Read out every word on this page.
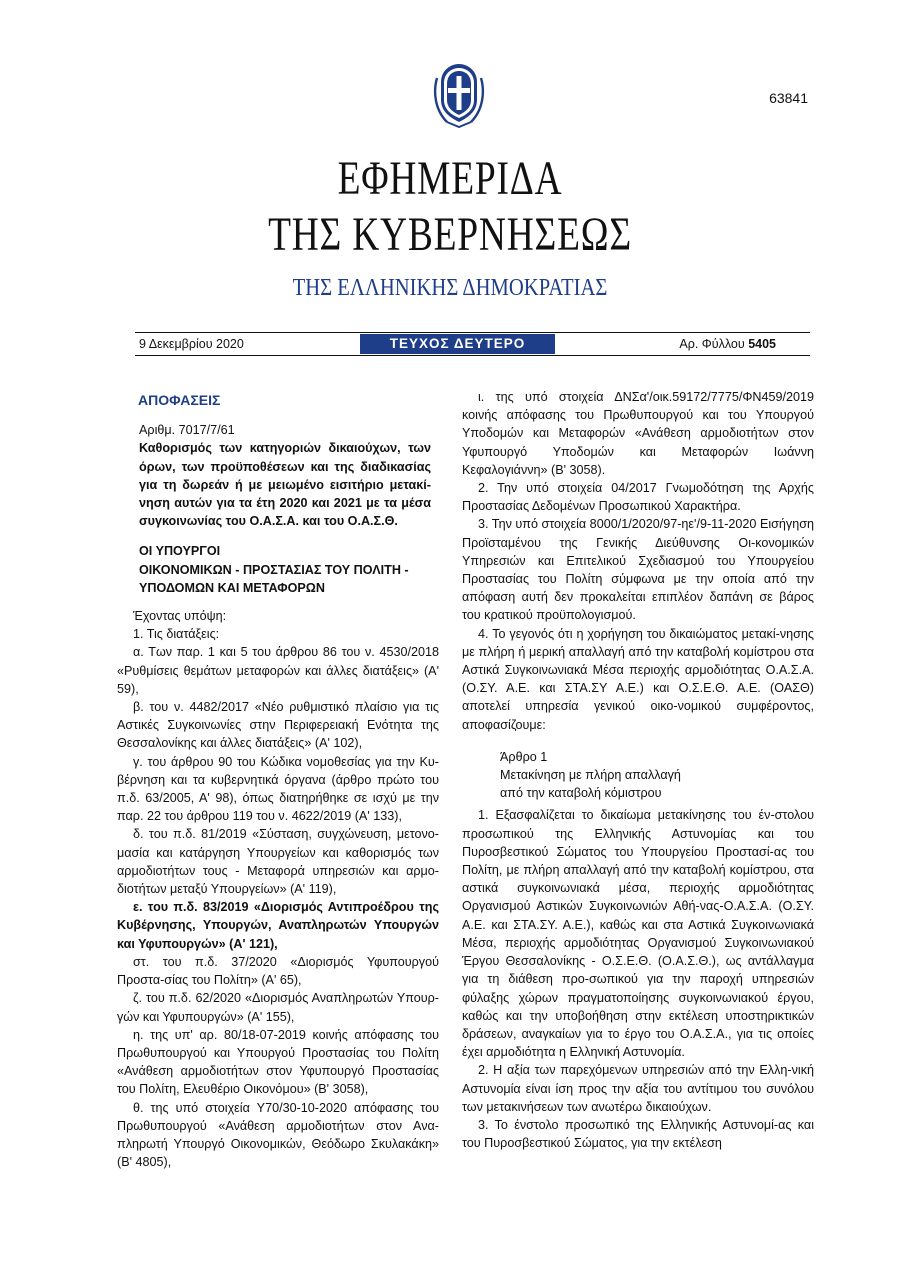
63841
ΕΦΗΜΕΡΙΔΑ
ΤΗΣ ΚΥΒΕΡΝΗΣΕΩΣ
ΤΗΣ ΕΛΛΗΝΙΚΗΣ ΔΗΜΟΚΡΑΤΙΑΣ
9 Δεκεμβρίου 2020	ΤΕΥΧΟΣ ΔΕΥΤΕΡΟ	Αρ. Φύλλου 5405

ΑΠΟΦΑΣΕΙΣ

Αριθμ. 7017/7/61

Καθορισμός των κατηγοριών δικαιούχων, των όρων, των προϋποθέσεων και της διαδικασίας για τη δωρεάν ή με μειωμένο εισιτήριο μετακί-νηση αυτών για τα έτη 2020 και 2021 με τα μέσα συγκοινωνίας του Ο.Α.Σ.Α. και του Ο.Α.Σ.Θ.

ΟΙ ΥΠΟΥΡΓΟΙ
ΟΙΚΟΝΟΜΙΚΩΝ - ΠΡΟΣΤΑΣΙΑΣ ΤΟΥ ΠΟΛΙΤΗ -
ΥΠΟΔΟΜΩΝ ΚΑΙ ΜΕΤΑΦΟΡΩΝ

Έχοντας υπόψη:

1. Τις διατάξεις:

α. Των παρ. 1 και 5 του άρθρου 86 του ν. 4530/2018 «Ρυθμίσεις θεμάτων μεταφορών και άλλες διατάξεις» (Α' 59),

β. του ν. 4482/2017 «Νέο ρυθμιστικό πλαίσιο για τις Αστικές Συγκοινωνίες στην Περιφερειακή Ενότητα της Θεσσαλονίκης και άλλες διατάξεις» (Α' 102),

γ. του άρθρου 90 του Κώδικα νομοθεσίας για την Κυ-βέρνηση και τα κυβερνητικά όργανα (άρθρο πρώτο του π.δ. 63/2005, Α' 98), όπως διατηρήθηκε σε ισχύ με την παρ. 22 του άρθρου 119 του ν. 4622/2019 (Α' 133),

δ. του π.δ. 81/2019 «Σύσταση, συγχώνευση, μετονο-μασία και κατάργηση Υπουργείων και καθορισμός των αρμοδιοτήτων τους - Μεταφορά υπηρεσιών και αρμο-διοτήτων μεταξύ Υπουργείων» (Α' 119),

ε. του π.δ. 83/2019 «Διορισμός Αντιπροέδρου της Κυβέρνησης, Υπουργών, Αναπληρωτών Υπουργών και Υφυπουργών» (Α' 121),

στ. του π.δ. 37/2020 «Διορισμός Υφυπουργού Προστα-σίας του Πολίτη» (Α' 65),

ζ. του π.δ. 62/2020 «Διορισμός Αναπληρωτών Υπουρ-γών και Υφυπουργών» (Α' 155),

η. της υπ' αρ. 80/18-07-2019 κοινής απόφασης του Πρωθυπουργού και Υπουργού Προστασίας του Πολίτη «Ανάθεση αρμοδιοτήτων στον Υφυπουργό Προστασίας του Πολίτη, Ελευθέριο Οικονόμου» (Β' 3058),

θ. της υπό στοιχεία Υ70/30-10-2020 απόφασης του Πρωθυπουργού «Ανάθεση αρμοδιοτήτων στον Ανα-πληρωτή Υπουργό Οικονομικών, Θεόδωρο Σκυλακάκη» (Β' 4805),

ι. της υπό στοιχεία ΔΝΣα'/οικ.59172/7775/ΦΝ459/2019 κοινής απόφασης του Πρωθυπουργού και του Υπουργού Υποδομών και Μεταφορών «Ανάθεση αρμοδιοτήτων στον Υφυπουργό Υποδομών και Μεταφορών Ιωάννη Κεφαλογιάννη» (Β' 3058).

2. Την υπό στοιχεία 04/2017 Γνωμοδότηση της Αρχής Προστασίας Δεδομένων Προσωπικού Χαρακτήρα.

3. Την υπό στοιχεία 8000/1/2020/97-ηε'/9-11-2020 Εισήγηση Προϊσταμένου της Γενικής Διεύθυνσης Οι-κονομικών Υπηρεσιών και Επιτελικού Σχεδιασμού του Υπουργείου Προστασίας του Πολίτη σύμφωνα με την οποία από την απόφαση αυτή δεν προκαλείται επιπλέον δαπάνη σε βάρος του κρατικού προϋπολογισμού.

4. Το γεγονός ότι η χορήγηση του δικαιώματος μετακί-νησης με πλήρη ή μερική απαλλαγή από την καταβολή κομίστρου στα Αστικά Συγκοινωνιακά Μέσα περιοχής αρμοδιότητας Ο.Α.Σ.Α. (Ο.ΣΥ. Α.Ε. και ΣΤΑ.ΣΥ Α.Ε.) και Ο.Σ.Ε.Θ. Α.Ε. (ΟΑΣΘ) αποτελεί υπηρεσία γενικού οικο-νομικού συμφέροντος, αποφασίζουμε:

Άρθρο 1
Μετακίνηση με πλήρη απαλλαγή
από την καταβολή κόμιστρου

1. Εξασφαλίζεται το δικαίωμα μετακίνησης του έν-στολου προσωπικού της Ελληνικής Αστυνομίας και του Πυροσβεστικού Σώματος του Υπουργείου Προστασί-ας του Πολίτη, με πλήρη απαλλαγή από την καταβολή κομίστρου, στα αστικά συγκοινωνιακά μέσα, περιοχής αρμοδιότητας Οργανισμού Αστικών Συγκοινωνιών Αθή-νας-Ο.Α.Σ.Α. (Ο.ΣΥ. Α.Ε. και ΣΤΑ.ΣΥ. Α.Ε.), καθώς και στα Αστικά Συγκοινωνιακά Μέσα, περιοχής αρμοδιότητας Οργανισμού Συγκοινωνιακού Έργου Θεσσαλονίκης - Ο.Σ.Ε.Θ. (Ο.Α.Σ.Θ.), ως αντάλλαγμα για τη διάθεση προ-σωπικού για την παροχή υπηρεσιών φύλαξης χώρων πραγματοποίησης συγκοινωνιακού έργου, καθώς και την υποβοήθηση στην εκτέλεση υποστηρικτικών δράσεων, αναγκαίων για το έργο του Ο.Α.Σ.Α., για τις οποίες έχει αρμοδιότητα η Ελληνική Αστυνομία.

2. Η αξία των παρεχόμενων υπηρεσιών από την Ελλη-νική Αστυνομία είναι ίση προς την αξία του αντίτιμου του συνόλου των μετακινήσεων των ανωτέρω δικαιούχων.

3. Το ένστολο προσωπικό της Ελληνικής Αστυνομί-ας και του Πυροσβεστικού Σώματος, για την εκτέλεση
